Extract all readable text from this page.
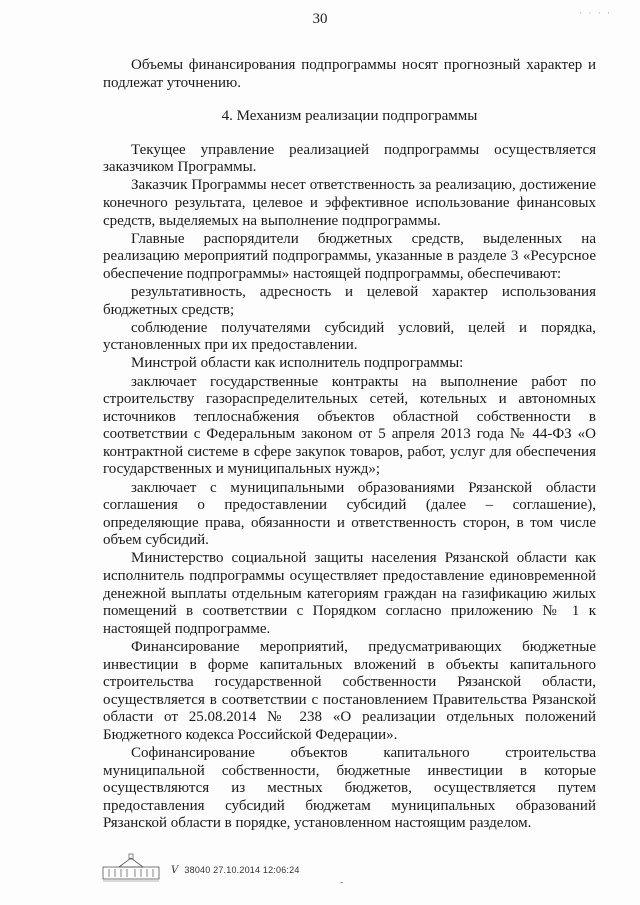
30	· · · ·

Объемы финансирования подпрограммы носят прогнозный характер и подлежат уточнению.

4. Механизм реализации подпрограммы

Текущее управление реализацией подпрограммы осуществляется заказчиком Программы.

Заказчик Программы несет ответственность за реализацию, достижение конечного результата, целевое и эффективное использование финансовых средств, выделяемых на выполнение подпрограммы.

Главные распорядители бюджетных средств, выделенных на реализацию мероприятий подпрограммы, указанные в разделе 3 «Ресурсное обеспечение подпрограммы» настоящей подпрограммы, обеспечивают:

результативность, адресность и целевой характер использования бюджетных средств;

соблюдение получателями субсидий условий, целей и порядка, установленных при их предоставлении.

Минстрой области как исполнитель подпрограммы:

заключает государственные контракты на выполнение работ по строительству газораспределительных сетей, котельных и автономных источников теплоснабжения объектов областной собственности в соответствии с Федеральным законом от 5 апреля 2013 года № 44-ФЗ «О контрактной системе в сфере закупок товаров, работ, услуг для обеспечения государственных и муниципальных нужд»;

заключает с муниципальными образованиями Рязанской области соглашения о предоставлении субсидий (далее – соглашение), определяющие права, обязанности и ответственность сторон, в том числе объем субсидий.

Министерство социальной защиты населения Рязанской области как исполнитель подпрограммы осуществляет предоставление единовременной денежной выплаты отдельным категориям граждан на газификацию жилых помещений в соответствии с Порядком согласно приложению № 1 к настоящей подпрограмме.

Финансирование мероприятий, предусматривающих бюджетные инвестиции в форме капитальных вложений в объекты капитального строительства государственной собственности Рязанской области, осуществляется в соответствии с постановлением Правительства Рязанской области от 25.08.2014 № 238 «О реализации отдельных положений Бюджетного кодекса Российской Федерации».

Софинансирование объектов капитального строительства муниципальной собственности, бюджетные инвестиции в которые осуществляются из местных бюджетов, осуществляется путем предоставления субсидий бюджетам муниципальных образований Рязанской области в порядке, установленном настоящим разделом.

V 38040 27.10.2014 12:06:24
-
